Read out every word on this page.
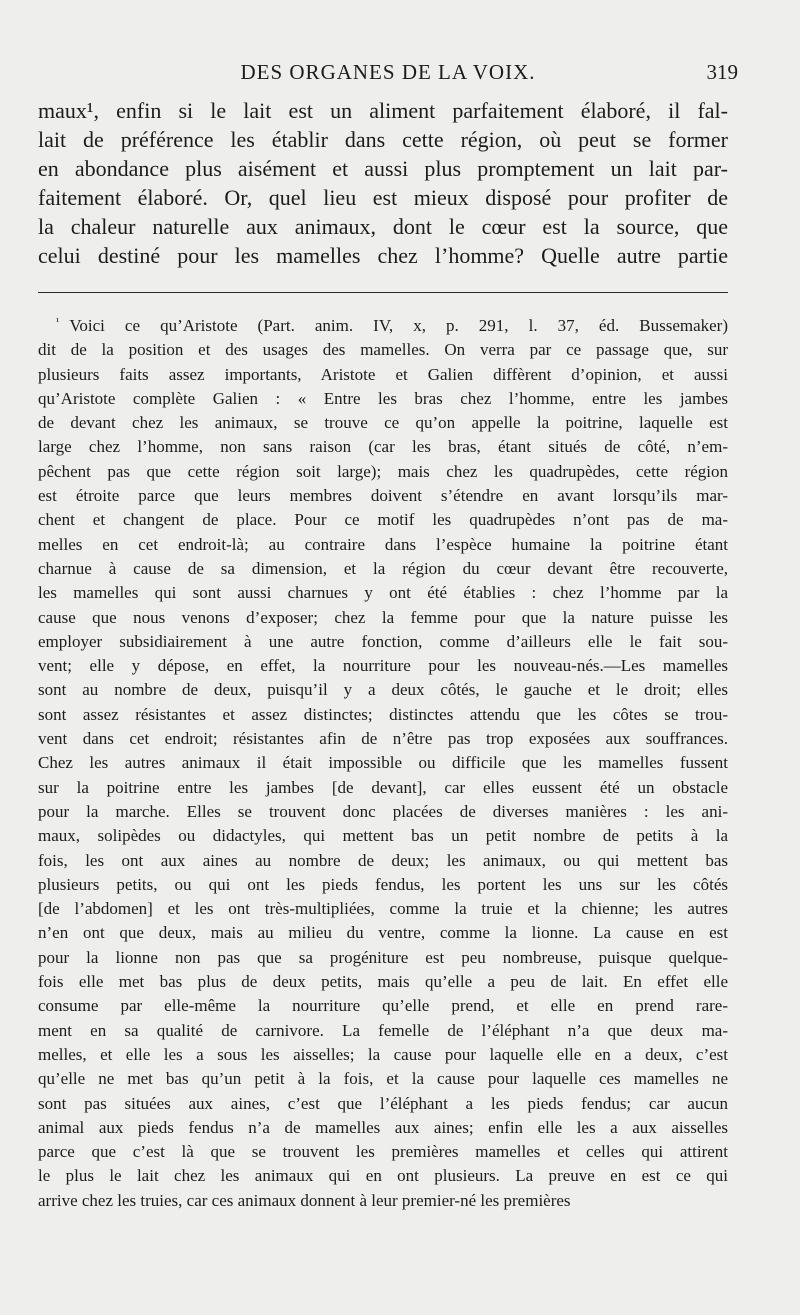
DES ORGANES DE LA VOIX.	319
maux¹, enfin si le lait est un aliment parfaitement élaboré, il fal-
lait de préférence les établir dans cette région, où peut se former
en abondance plus aisément et aussi plus promptement un lait par-
faitement élaboré. Or, quel lieu est mieux disposé pour profiter de
la chaleur naturelle aux animaux, dont le cœur est la source, que
celui destiné pour les mamelles chez l’homme? Quelle autre partie
$^{^1}$ Voici ce qu’Aristote (Part. anim. IV, x, p. 291, l. 37, éd. Bussemaker)
dit de la position et des usages des mamelles. On verra par ce passage que, sur
plusieurs faits assez importants, Aristote et Galien diffèrent d’opinion, et aussi
qu’Aristote complète Galien : « Entre les bras chez l’homme, entre les jambes
de devant chez les animaux, se trouve ce qu’on appelle la poitrine, laquelle est
large chez l’homme, non sans raison (car les bras, étant situés de côté, n’em-
pêchent pas que cette région soit large); mais chez les quadrupèdes, cette région
est étroite parce que leurs membres doivent s’étendre en avant lorsqu’ils mar-
chent et changent de place. Pour ce motif les quadrupèdes n’ont pas de ma-
melles en cet endroit-là; au contraire dans l’espèce humaine la poitrine étant
charnue à cause de sa dimension, et la région du cœur devant être recouverte,
les mamelles qui sont aussi charnues y ont été établies : chez l’homme par la
cause que nous venons d’exposer; chez la femme pour que la nature puisse les
employer subsidiairement à une autre fonction, comme d’ailleurs elle le fait sou-
vent; elle y dépose, en effet, la nourriture pour les nouveau-nés.—Les mamelles
sont au nombre de deux, puisqu’il y a deux côtés, le gauche et le droit; elles
sont assez résistantes et assez distinctes; distinctes attendu que les côtes se trou-
vent dans cet endroit; résistantes afin de n’être pas trop exposées aux souffrances.
Chez les autres animaux il était impossible ou difficile que les mamelles fussent
sur la poitrine entre les jambes [de devant], car elles eussent été un obstacle
pour la marche. Elles se trouvent donc placées de diverses manières : les ani-
maux, solipèdes ou didactyles, qui mettent bas un petit nombre de petits à la
fois, les ont aux aines au nombre de deux; les animaux, ou qui mettent bas
plusieurs petits, ou qui ont les pieds fendus, les portent les uns sur les côtés
[de l’abdomen] et les ont très-multipliées, comme la truie et la chienne; les autres
n’en ont que deux, mais au milieu du ventre, comme la lionne. La cause en est
pour la lionne non pas que sa progéniture est peu nombreuse, puisque quelque-
fois elle met bas plus de deux petits, mais qu’elle a peu de lait. En effet elle
consume par elle-même la nourriture qu’elle prend, et elle en prend rare-
ment en sa qualité de carnivore. La femelle de l’éléphant n’a que deux ma-
melles, et elle les a sous les aisselles; la cause pour laquelle elle en a deux, c’est
qu’elle ne met bas qu’un petit à la fois, et la cause pour laquelle ces mamelles ne
sont pas situées aux aines, c’est que l’éléphant a les pieds fendus; car aucun
animal aux pieds fendus n’a de mamelles aux aines; enfin elle les a aux aisselles
parce que c’est là que se trouvent les premières mamelles et celles qui attirent
le plus le lait chez les animaux qui en ont plusieurs. La preuve en est ce qui
arrive chez les truies, car ces animaux donnent à leur premier-né les premières
